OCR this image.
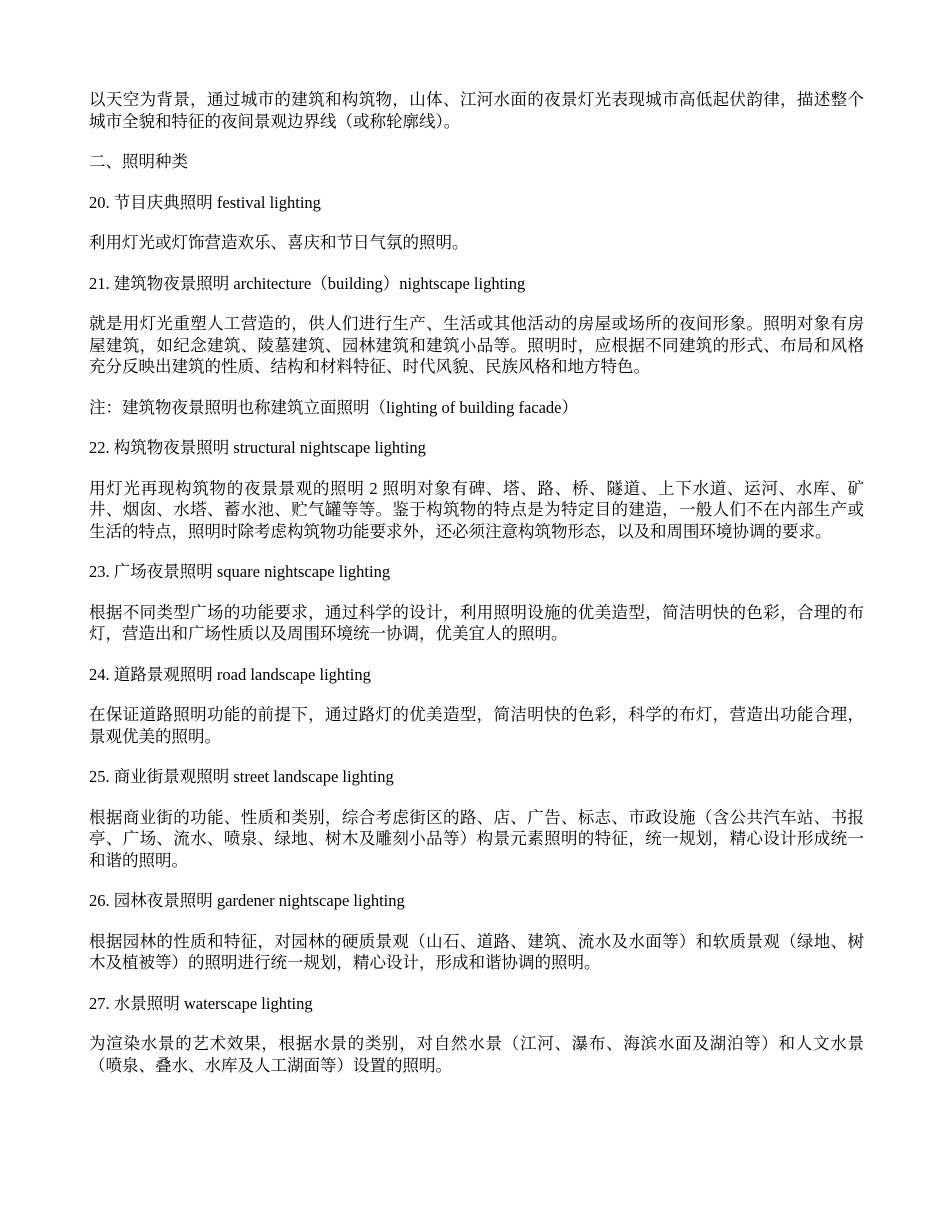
以天空为背景，通过城市的建筑和构筑物，山体、江河水面的夜景灯光表现城市高低起伏韵律，描述整个城市全貌和特征的夜间景观边界线（或称轮廓线）。

二、照明种类

20. 节目庆典照明 festival lighting

利用灯光或灯饰营造欢乐、喜庆和节日气氛的照明。

21. 建筑物夜景照明 architecture（building）nightscape lighting

就是用灯光重塑人工营造的，供人们进行生产、生活或其他活动的房屋或场所的夜间形象。照明对象有房屋建筑，如纪念建筑、陵墓建筑、园林建筑和建筑小品等。照明时，应根据不同建筑的形式、布局和风格充分反映出建筑的性质、结构和材料特征、时代风貌、民族风格和地方特色。

注：建筑物夜景照明也称建筑立面照明（lighting of building facade）

22. 构筑物夜景照明 structural nightscape lighting

用灯光再现构筑物的夜景景观的照明 2 照明对象有碑、塔、路、桥、隧道、上下水道、运河、水库、矿井、烟囱、水塔、蓄水池、贮气罐等等。鉴于构筑物的特点是为特定目的建造，一般人们不在内部生产或生活的特点，照明时除考虑构筑物功能要求外，还必须注意构筑物形态，以及和周围环境协调的要求。

23. 广场夜景照明 square nightscape lighting

根据不同类型广场的功能要求，通过科学的设计，利用照明设施的优美造型，简洁明快的色彩，合理的布灯，营造出和广场性质以及周围环境统一协调，优美宜人的照明。

24. 道路景观照明 road landscape lighting

在保证道路照明功能的前提下，通过路灯的优美造型，简洁明快的色彩，科学的布灯，营造出功能合理，景观优美的照明。

25. 商业街景观照明 street landscape lighting

根据商业街的功能、性质和类别，综合考虑街区的路、店、广告、标志、市政设施（含公共汽车站、书报亭、广场、流水、喷泉、绿地、树木及雕刻小品等）构景元素照明的特征，统一规划，精心设计形成统一和谐的照明。

26. 园林夜景照明 gardener nightscape lighting

根据园林的性质和特征，对园林的硬质景观（山石、道路、建筑、流水及水面等）和软质景观（绿地、树木及植被等）的照明进行统一规划，精心设计，形成和谐协调的照明。

27. 水景照明 waterscape lighting

为渲染水景的艺术效果，根据水景的类别，对自然水景（江河、瀑布、海滨水面及湖泊等）和人文水景（喷泉、叠水、水库及人工湖面等）设置的照明。
